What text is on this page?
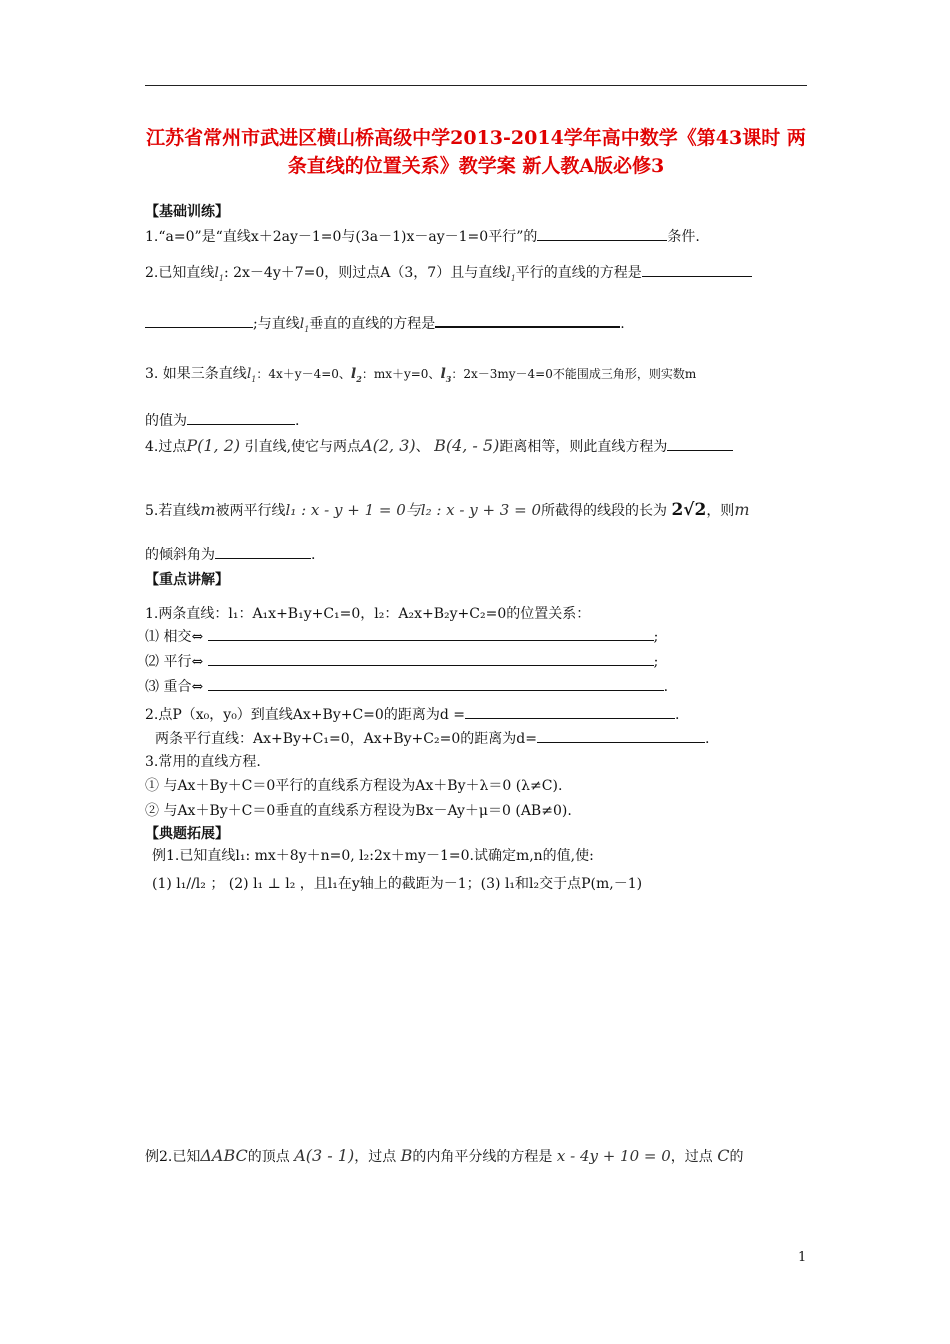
江苏省常州市武进区横山桥高级中学2013-2014学年高中数学《第43课时 两条直线的位置关系》教学案 新人教A版必修3
【基础训练】
1.“a=0”是“直线x＋2ay－1=0与(3a－1)x－ay－1=0平行”的	条件.
2.已知直线$l_1$: 2x－4y＋7=0，则过点A（3，7）且与直线$l_1$平行的直线的方程是
;与直线$l_1$垂直的直线的方程是	.
3. 如果三条直线$l_1$：4x＋y－4=0、$l_2$：mx＋y=0、$l_3$：2x－3my－4=0不能围成三角形，则实数m
的值为	.
4.过点P(1, 2) 引直线,使它与两点A(2, 3)、 B(4, - 5)距离相等，则此直线方程为
5.若直线m被两平行线l₁ : x - y + 1 = 0与l₂ : x - y + 3 = 0所截得的线段的长为 2√2，则m
的倾斜角为	.
【重点讲解】
1.两条直线：l₁：A₁x+B₁y+C₁=0，l₂：A₂x+B₂y+C₂=0的位置关系：
⑴ 相交⇔	;
⑵ 平行⇔	;
⑶ 重合⇔	.
2.点P（x₀，y₀）到直线Ax+By+C=0的距离为d =	.
两条平行直线：Ax+By+C₁=0，Ax+By+C₂=0的距离为d=	.
3.常用的直线方程.
① 与Ax＋By＋C＝0平行的直线系方程设为Ax＋By＋λ＝0 (λ≠C).
② 与Ax＋By＋C＝0垂直的直线系方程设为Bx－Ay＋μ＝0 (AB≠0).
【典题拓展】
例1.已知直线l₁: mx＋8y＋n=0, l₂:2x＋my－1=0.试确定m,n的值,使:
(1) l₁//l₂ ； (2) l₁ ⊥ l₂ ，且l₁在y轴上的截距为－1；(3) l₁和l₂交于点P(m,－1)
例2.已知ΔABC的顶点 A(3 - 1)，过点 B的内角平分线的方程是 x - 4y + 10 = 0，过点 C的
1
